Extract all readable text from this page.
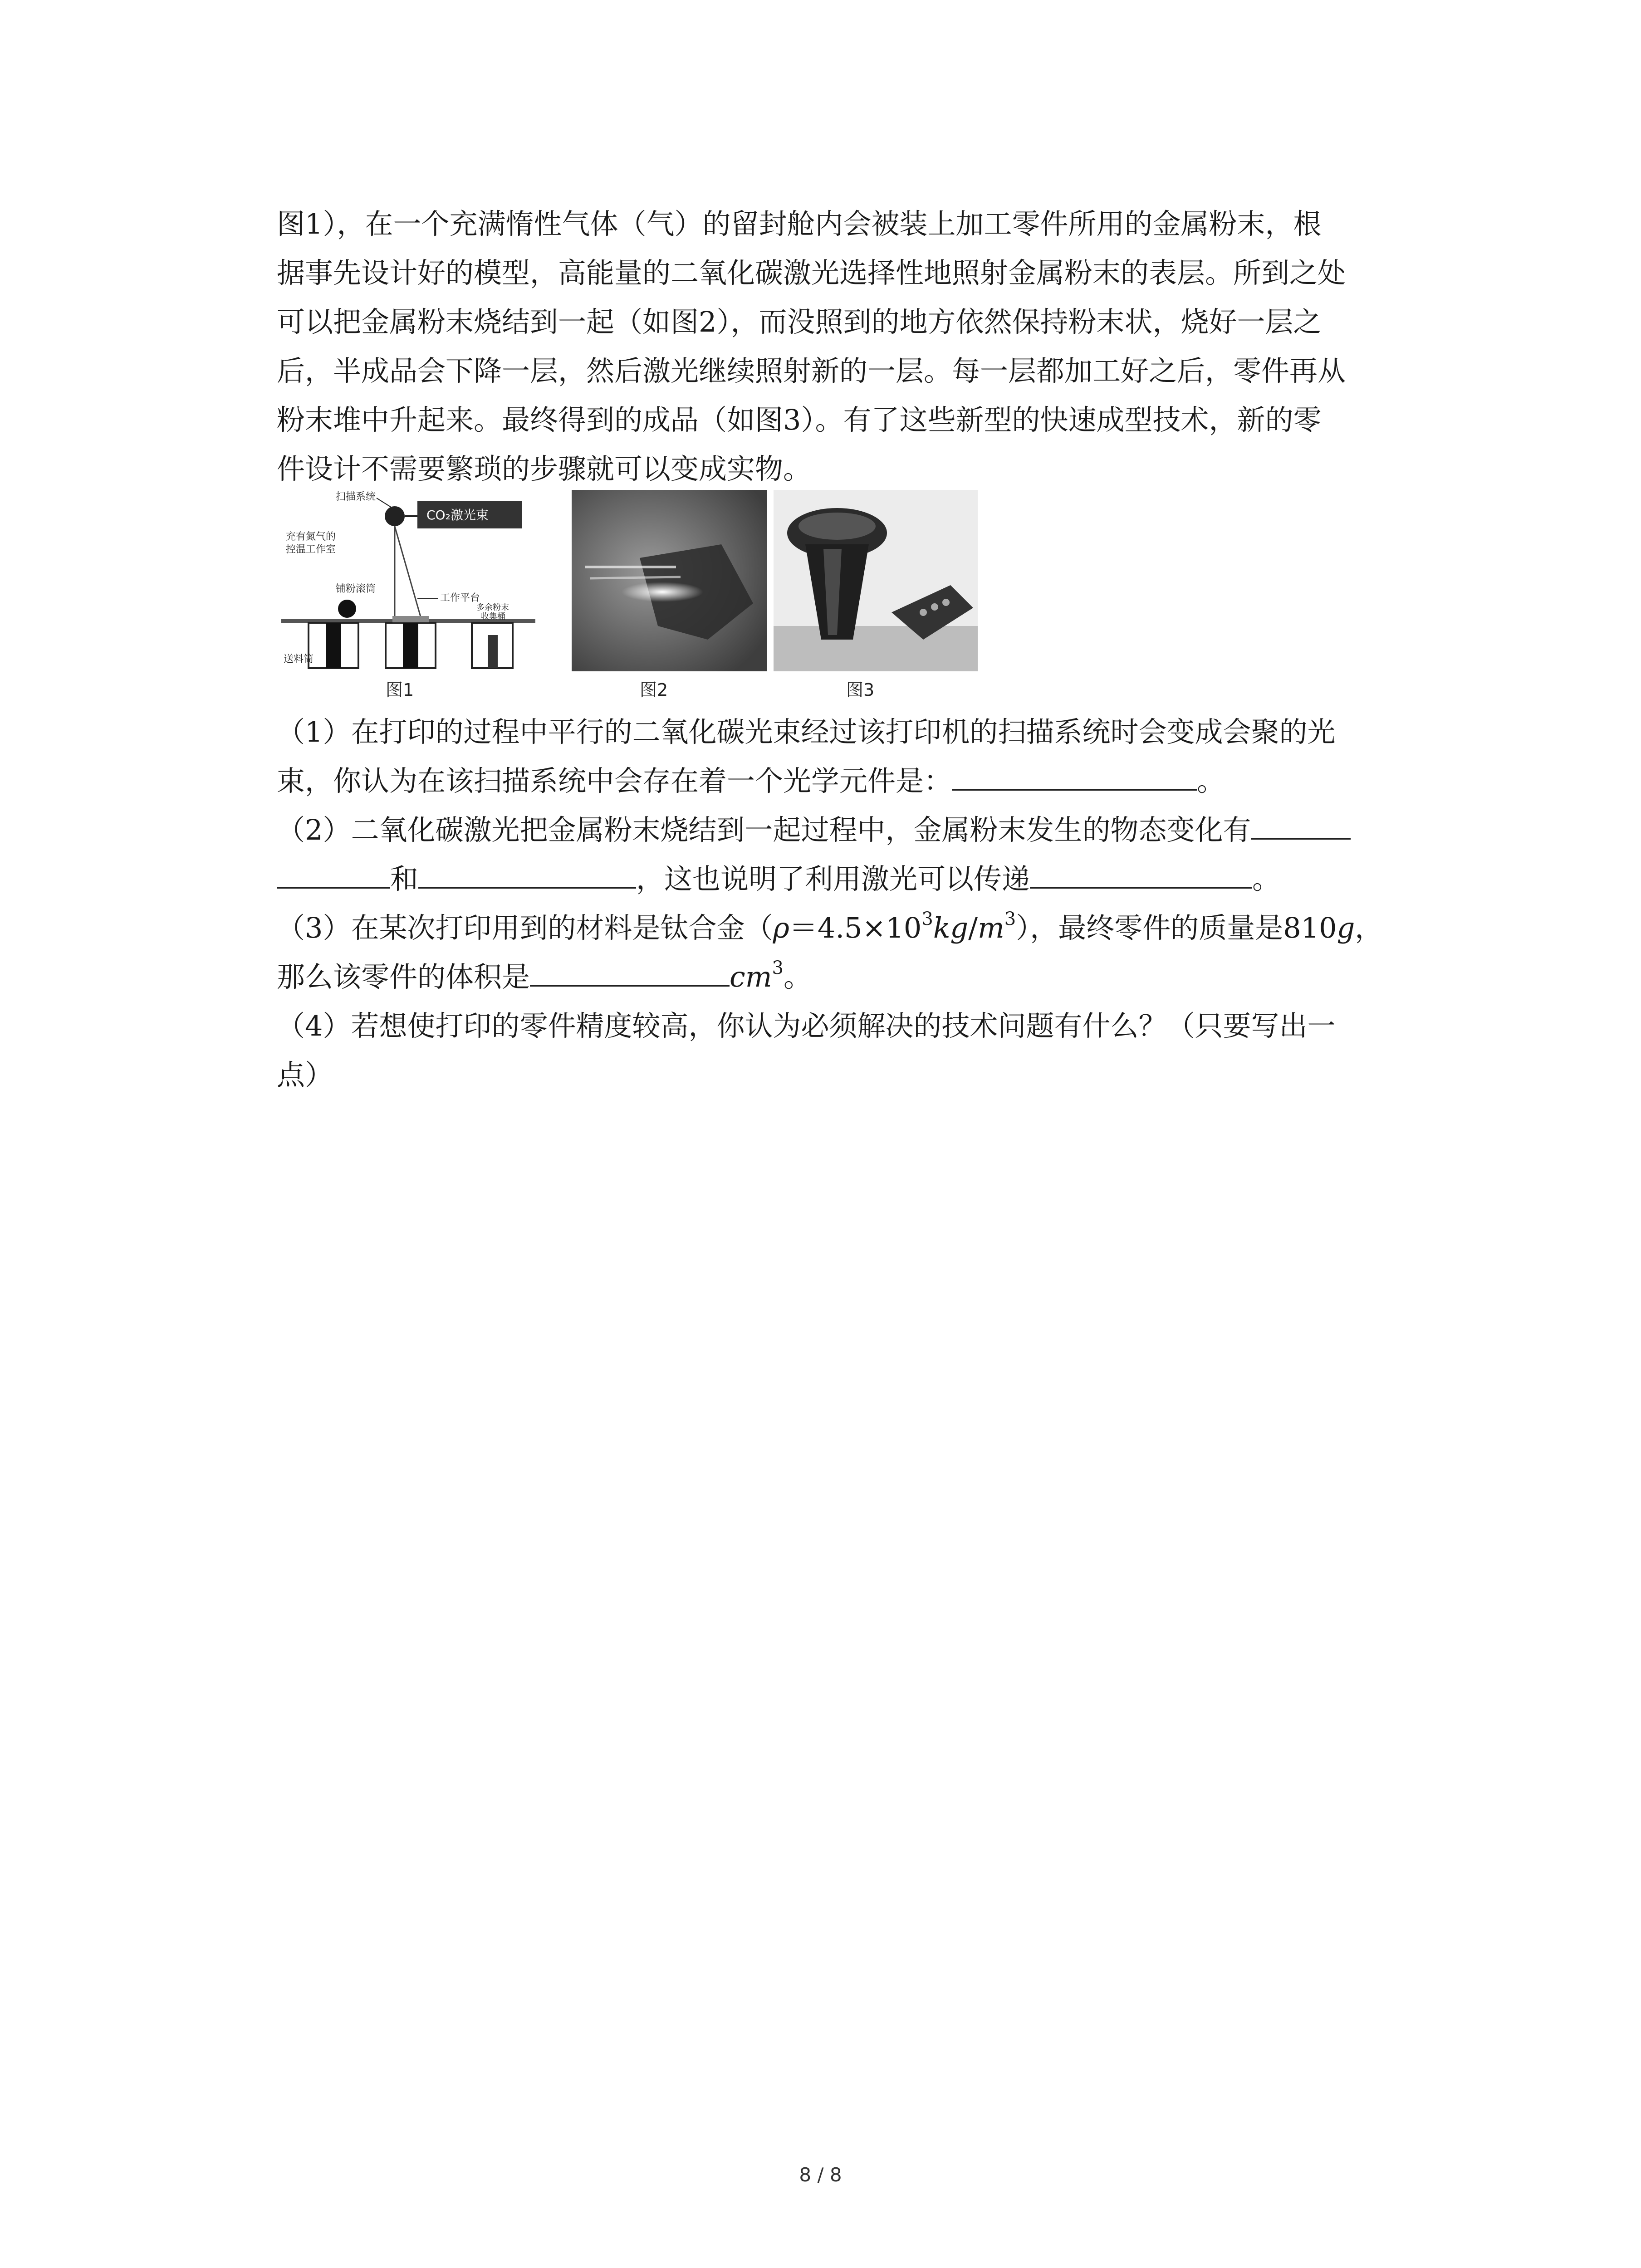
图1），在一个充满惰性气体（气）的留封舱内会被装上加工零件所用的金属粉末，根
据事先设计好的模型，高能量的二氧化碳激光选择性地照射金属粉末的表层。所到之处
可以把金属粉末烧结到一起（如图2），而没照到的地方依然保持粉末状，烧好一层之
后，半成品会下降一层，然后激光继续照射新的一层。每一层都加工好之后，零件再从
粉末堆中升起来。最终得到的成品（如图3）。有了这些新型的快速成型技术，新的零
件设计不需要繁琐的步骤就可以变成实物。

CO₂激光束
扫描系统
充有氮气的
控温工作室
铺粉滚筒
工作平台
多余粉末
收集桶
送料筒
图1	图2	图3

（1）在打印的过程中平行的二氧化碳光束经过该打印机的扫描系统时会变成会聚的光
束，你认为在该扫描系统中会存在着一个光学元件是：	。

（2）二氧化碳激光把金属粉末烧结到一起过程中，金属粉末发生的物态变化有
和	，这也说明了利用激光可以传递	。

（3）在某次打印用到的材料是钛合金$(\rho=4.5\times 10^3kg/m^3)$，最终零件的质量是810g，
那么该零件的体积是	$cm^3$。

（4）若想使打印的零件精度较高，你认为必须解决的技术问题有什么？（只要写出一
点）

8 / 8
